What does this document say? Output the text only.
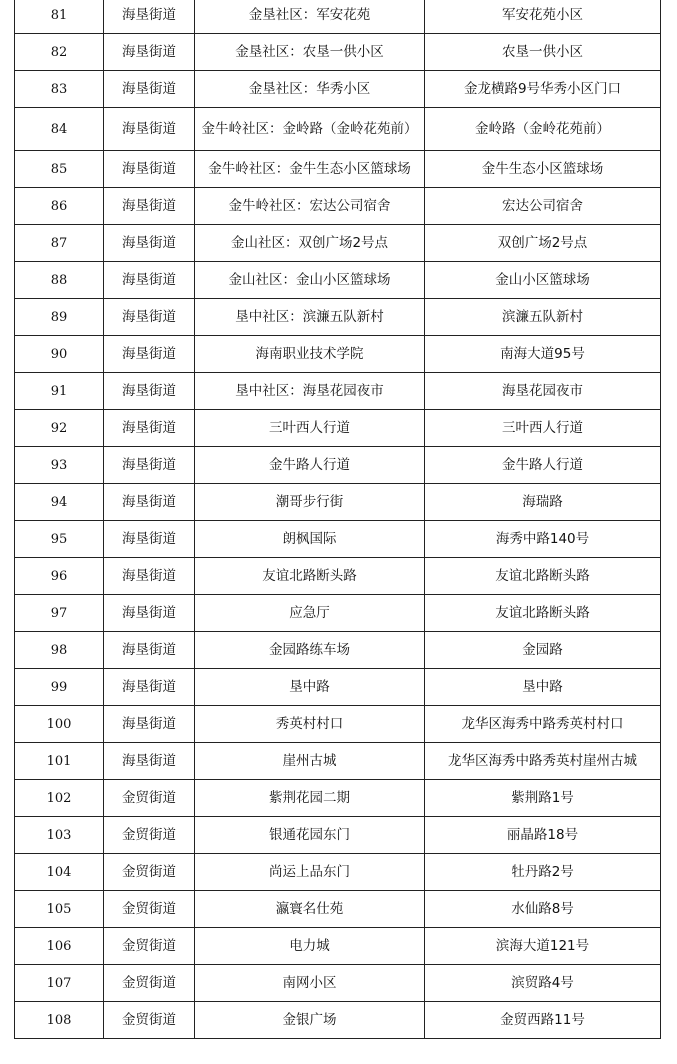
81	海垦街道	金垦社区：军安花苑	军安花苑小区
82	海垦街道	金垦社区：农垦一供小区	农垦一供小区
83	海垦街道	金垦社区：华秀小区	金龙横路9号华秀小区门口
84	海垦街道	金牛岭社区：金岭路（金岭花苑前）	金岭路（金岭花苑前）
85	海垦街道	金牛岭社区：金牛生态小区篮球场	金牛生态小区篮球场
86	海垦街道	金牛岭社区：宏达公司宿舍	宏达公司宿舍
87	海垦街道	金山社区：双创广场2号点	双创广场2号点
88	海垦街道	金山社区：金山小区篮球场	金山小区篮球场
89	海垦街道	垦中社区：滨濂五队新村	滨濂五队新村
90	海垦街道	海南职业技术学院	南海大道95号
91	海垦街道	垦中社区：海垦花园夜市	海垦花园夜市
92	海垦街道	三叶西人行道	三叶西人行道
93	海垦街道	金牛路人行道	金牛路人行道
94	海垦街道	潮哥步行街	海瑞路
95	海垦街道	朗枫国际	海秀中路140号
96	海垦街道	友谊北路断头路	友谊北路断头路
97	海垦街道	应急厅	友谊北路断头路
98	海垦街道	金园路练车场	金园路
99	海垦街道	垦中路	垦中路
100	海垦街道	秀英村村口	龙华区海秀中路秀英村村口
101	海垦街道	崖州古城	龙华区海秀中路秀英村崖州古城
102	金贸街道	紫荆花园二期	紫荆路1号
103	金贸街道	银通花园东门	丽晶路18号
104	金贸街道	尚运上品东门	牡丹路2号
105	金贸街道	瀛寰名仕苑	水仙路8号
106	金贸街道	电力城	滨海大道121号
107	金贸街道	南网小区	滨贸路4号
108	金贸街道	金银广场	金贸西路11号
